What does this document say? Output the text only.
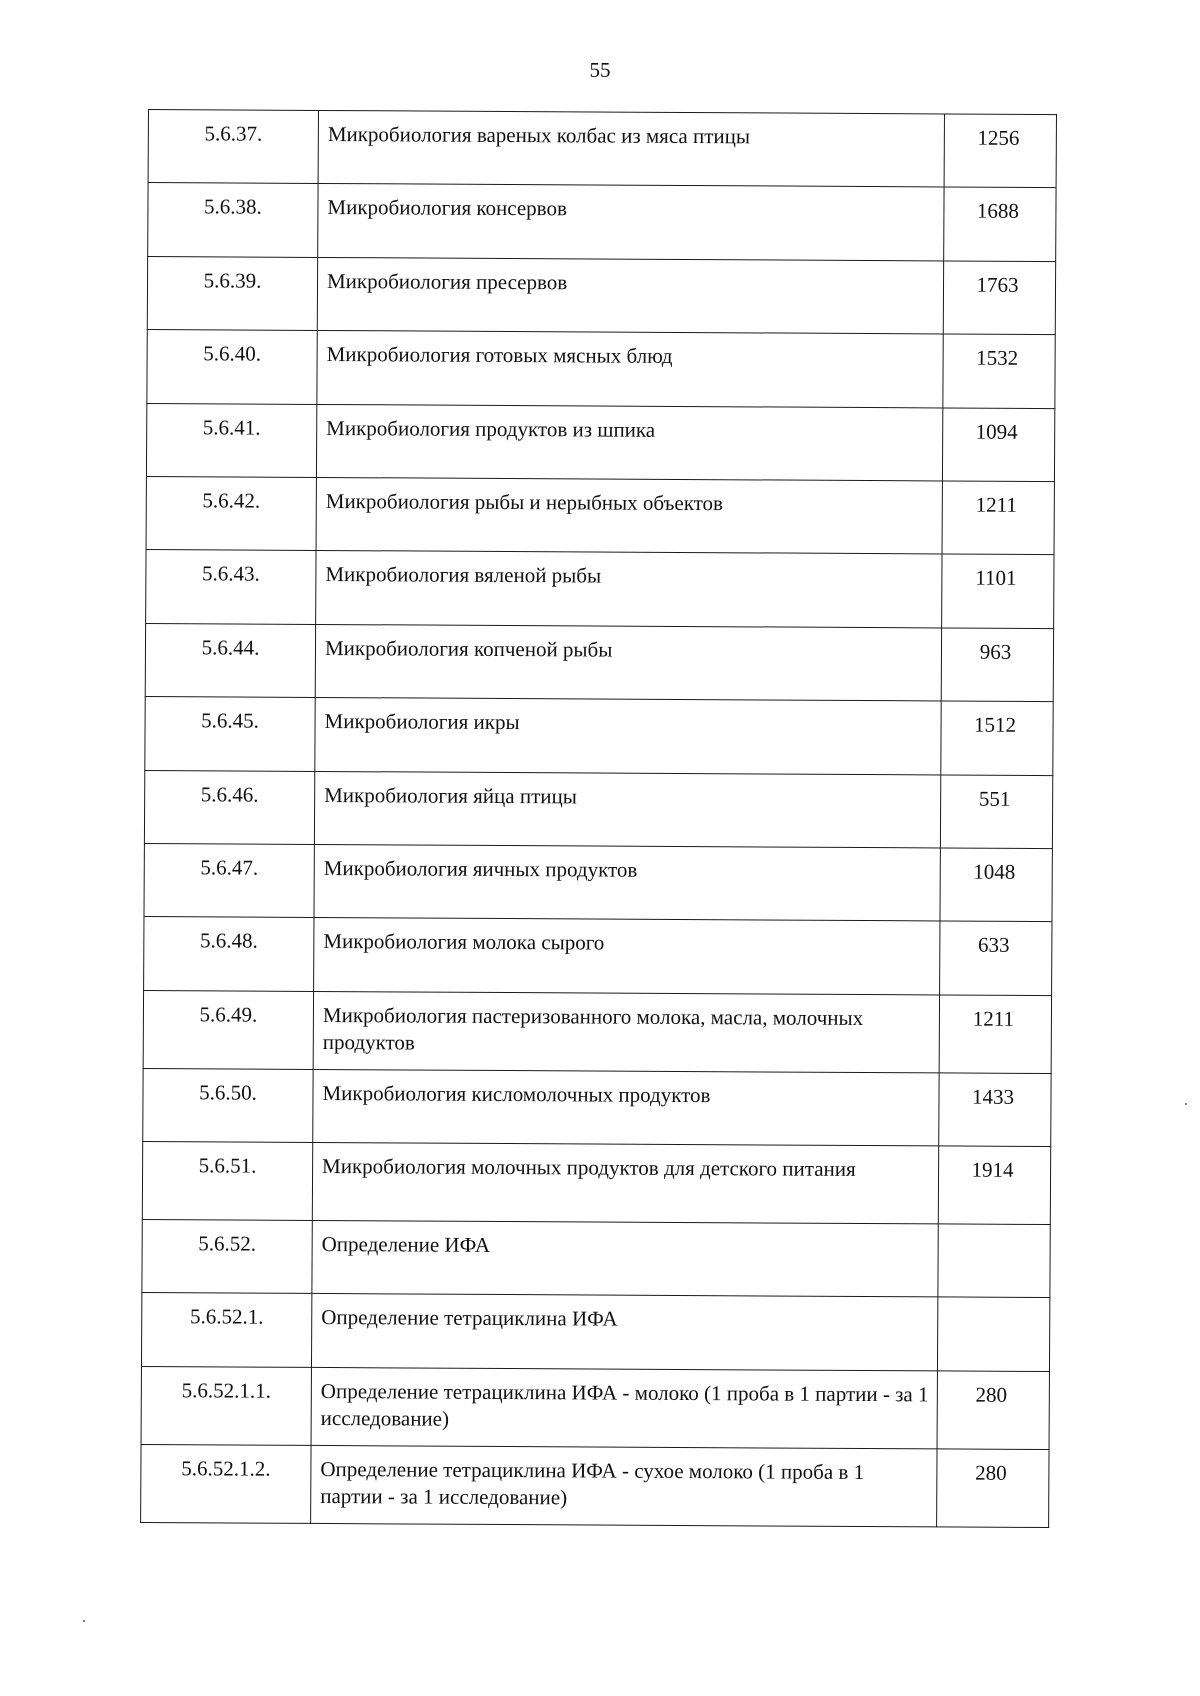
55
5.6.37.	Микробиология вареных колбас из мяса птицы	1256
5.6.38.	Микробиология консервов	1688
5.6.39.	Микробиология пресервов	1763
5.6.40.	Микробиология готовых мясных блюд	1532
5.6.41.	Микробиология продуктов из шпика	1094
5.6.42.	Микробиология рыбы и нерыбных объектов	1211
5.6.43.	Микробиология вяленой рыбы	1101
5.6.44.	Микробиология копченой рыбы	963
5.6.45.	Микробиология икры	1512
5.6.46.	Микробиология яйца птицы	551
5.6.47.	Микробиология яичных продуктов	1048
5.6.48.	Микробиология молока сырого	633
5.6.49.	Микробиология пастеризованного молока, масла, молочных продуктов	1211
5.6.50.	Микробиология кисломолочных продуктов	1433
5.6.51.	Микробиология молочных продуктов для детского питания	1914
5.6.52.	Определение ИФА	
5.6.52.1.	Определение тетрациклина ИФА	
5.6.52.1.1.	Определение тетрациклина ИФА - молоко (1 проба в 1 партии - за 1 исследование)	280
5.6.52.1.2.	Определение тетрациклина ИФА - сухое молоко (1 проба в 1 партии - за 1 исследование)	280
